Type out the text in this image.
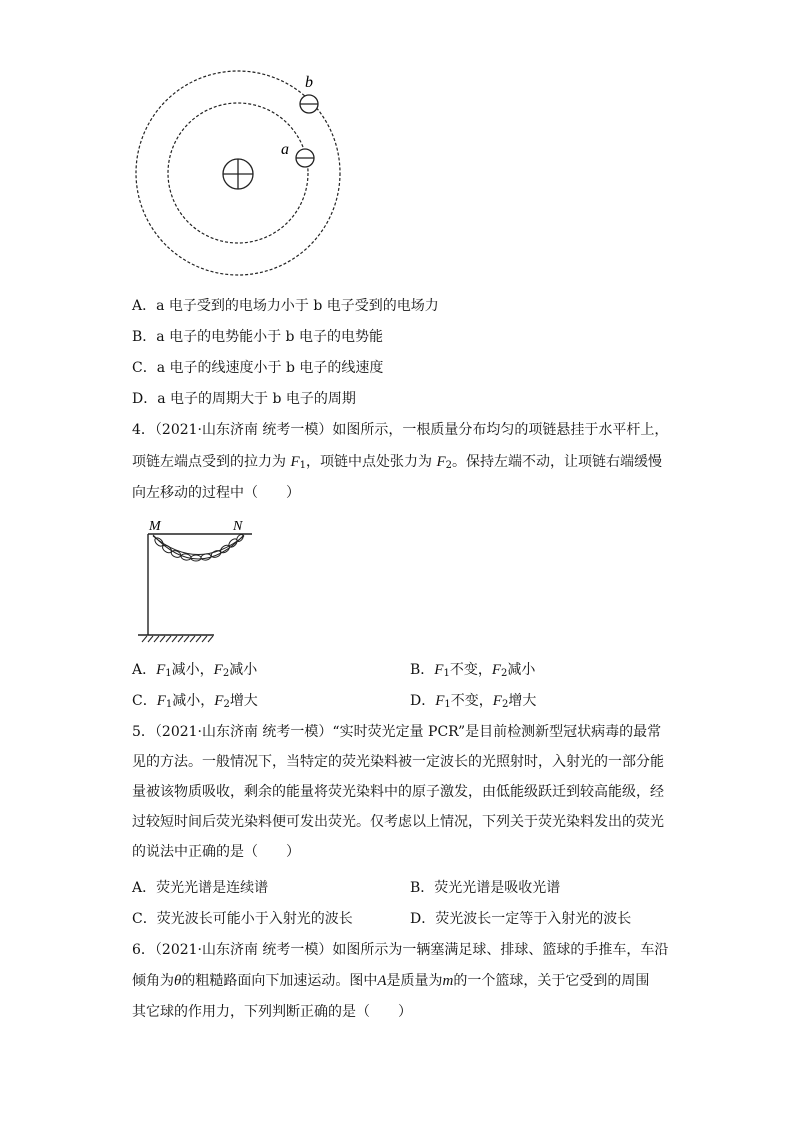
b
a
A．a 电子受到的电场力小于 b 电子受到的电场力
B．a 电子的电势能小于 b 电子的电势能
C．a 电子的线速度小于 b 电子的线速度
D．a 电子的周期大于 b 电子的周期
4．（2021·山东济南 统考一模）如图所示，一根质量分布均匀的项链悬挂于水平杆上，
项链左端点受到的拉力为 $F_1$，项链中点处张力为 $F_2$。保持左端不动，让项链右端缓慢
向左移动的过程中（　　）
M	N
A．$F_1$减小，$F_2$减小	B．$F_1$不变，$F_2$减小
C．$F_1$减小，$F_2$增大	D．$F_1$不变，$F_2$增大
5．（2021·山东济南 统考一模）“实时荧光定量 PCR”是目前检测新型冠状病毒的最常见的方法。一般情况下，当特定的荧光染料被一定波长的光照射时，入射光的一部分能量被该物质吸收，剩余的能量将荧光染料中的原子激发，由低能级跃迁到较高能级，经过较短时间后荧光染料便可发出荧光。仅考虑以上情况，下列关于荧光染料发出的荧光的说法中正确的是（　　）
A．荧光光谱是连续谱	B．荧光光谱是吸收光谱
C．荧光波长可能小于入射光的波长	D．荧光波长一定等于入射光的波长
6．（2021·山东济南 统考一模）如图所示为一辆塞满足球、排球、篮球的手推车，车沿
倾角为θ的粗糙路面向下加速运动。图中A是质量为m的一个篮球，关于它受到的周围
其它球的作用力，下列判断正确的是（　　）
